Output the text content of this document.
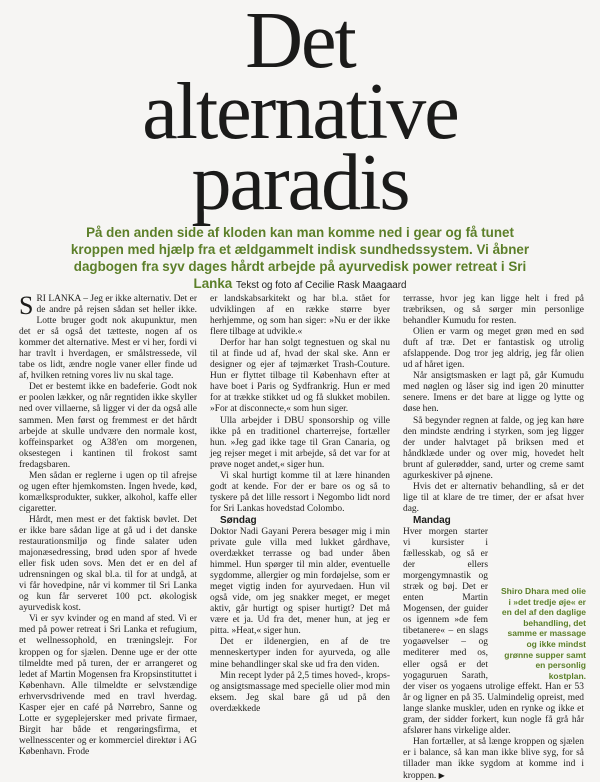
Det
alternative
paradis
På den anden side af kloden kan man komme ned i gear og få tunet kroppen med hjælp fra et ældgammelt indisk sundhedssystem. Vi åbner dagbogen fra syv dages hårdt arbejde på ayurvedisk power retreat i Sri Lanka Tekst og foto af Cecilie Rask Maagaard

SRI LANKA – Jeg er ikke alternativ. Det er de andre på rejsen sådan set heller ikke. Lotte bruger godt nok akupunktur, men det er så også det tætteste, nogen af os kommer det alternative. Mest er vi her, fordi vi har travlt i hverdagen, er smålstressede, vil tabe os lidt, ændre nogle vaner eller finde ud af, hvilken retning vores liv nu skal tage.

Det er bestemt ikke en badeferie. Godt nok er poolen lækker, og når regntiden ikke skyller ned over villaerne, så ligger vi der da også alle sammen. Men først og fremmest er det hårdt arbejde at skulle undvære den normale kost, koffeinsparket og A38'en om morgenen, oksestegen i kantinen til frokost samt fredagsbaren.

Men sådan er reglerne i ugen op til afrejse og ugen efter hjemkomsten. Ingen hvede, kød, komælksprodukter, sukker, alkohol, kaffe eller cigaretter.

Hårdt, men mest er det faktisk bøvlet. Det er ikke bare sådan lige at gå ud i det danske restaurationsmiljø og finde salater uden majonæsedressing, brød uden spor af hvede eller fisk uden sovs. Men det er en del af udrensningen og skal bl.a. til for at undgå, at vi får hovedpine, når vi kommer til Sri Lanka og kun får serveret 100 pct. økologisk ayurvedisk kost.

Vi er syv kvinder og en mand af sted. Vi er med på power retreat i Sri Lanka et refugium, et wellnessophold, en træningslejr. For kroppen og for sjælen. Denne uge er der otte tilmeldte med på turen, der er arrangeret og ledet af Martin Mogensen fra Kropsinstituttet i København. Alle tilmeldte er selvstændige erhvervsdrivende med en travl hverdag. Kasper ejer en café på Nørrebro, Sanne og Lotte er sygeplejersker med private firmaer, Birgit har både et rengøringsfirma, et wellnesscenter og er kommerciel direktør i AG København. Frode

er landskabsarkitekt og har bl.a. stået for udviklingen af en række større byer herhjemme, og som han siger: »Nu er der ikke flere tilbage at udvikle.«

Derfor har han solgt tegnestuen og skal nu til at finde ud af, hvad der skal ske. Ann er designer og ejer af tøjmærket Trash-Couture. Hun er flyttet tilbage til København efter at have boet i Paris og Sydfrankrig. Hun er med for at trække stikket ud og få slukket mobilen. »For at disconnecte,« som hun siger.

Ulla arbejder i DBU sponsorship og ville ikke på en traditionel charterrejse, fortæller hun. »Jeg gad ikke tage til Gran Canaria, og jeg rejser meget i mit arbejde, så det var for at prøve noget andet,« siger hun.

Vi skal hurtigt komme til at lære hinanden godt at kende. For der er bare os og så to tyskere på det lille ressort i Negombo lidt nord for Sri Lankas hovedstad Colombo.

Søndag

Doktor Nadi Gayani Perera besøger mig i min private gule villa med lukket gårdhave, overdækket terrasse og bad under åben himmel. Hun spørger til min alder, eventuelle sygdomme, allergier og min fordøjelse, som er meget vigtig inden for ayurvedaen. Hun vil også vide, om jeg snakker meget, er meget aktiv, går hurtigt og spiser hurtigt? Det må være et ja. Ud fra det, mener hun, at jeg er pitta. »Heat,« siger hun.

Det er ildenergien, en af de tre menneskertyper inden for ayurveda, og alle mine behandlinger skal ske ud fra den viden.

Min recept lyder på 2,5 times hoved-, krops- og ansigtsmassage med specielle olier mod min eksem. Jeg skal bare gå ud på den overdækkede

terrasse, hvor jeg kan ligge helt i fred på træbriksen, og så sørger min personlige behandler Kumudu for resten.

Olien er varm og meget grøn med en sød duft af træ. Det er fantastisk og utrolig afslappende. Dog tror jeg aldrig, jeg får olien ud af håret igen.

Når ansigtsmasken er lagt på, går Kumudu med nøglen og låser sig ind igen 20 minutter senere. Imens er det bare at ligge og lytte og døse hen.

Så begynder regnen at falde, og jeg kan høre den mindste ændring i styrken, som jeg ligger der under halvtaget på briksen med et håndklæde under og over mig, hovedet helt brunt af gulerødder, sand, urter og creme samt agurkeskiver på øjnene.

Hvis det er alternativ behandling, så er det lige til at klare de tre timer, der er afsat hver dag.

Mandag

Hver morgen starter vi kursister i fællesskab, og så er der ellers morgengymnastik og stræk og bøj. Det er enten Martin Mogensen, der guider os igennem »de fem tibetanere« – en slags yogaøvelser – og mediterer med os, eller også er det yogaguruen Sarath, der viser os yogaens utrolige effekt. Han er 53 år og ligner en på 35. Ualmindelig opreist, med lange slanke muskler, uden en rynke og ikke et gram, der sidder forkert, kun nogle få grå hår afslører hans virkelige alder.

Han fortæller, at så længe kroppen og sjælen er i balance, så kan man ikke blive syg, for så tillader man ikke sygdom at komme ind i kroppen. ▶

Shiro Dhara med olie i »det tredje øje« er en del af den daglige behandling, det samme er massage og ikke mindst grønne supper samt en personlig kostplan.
